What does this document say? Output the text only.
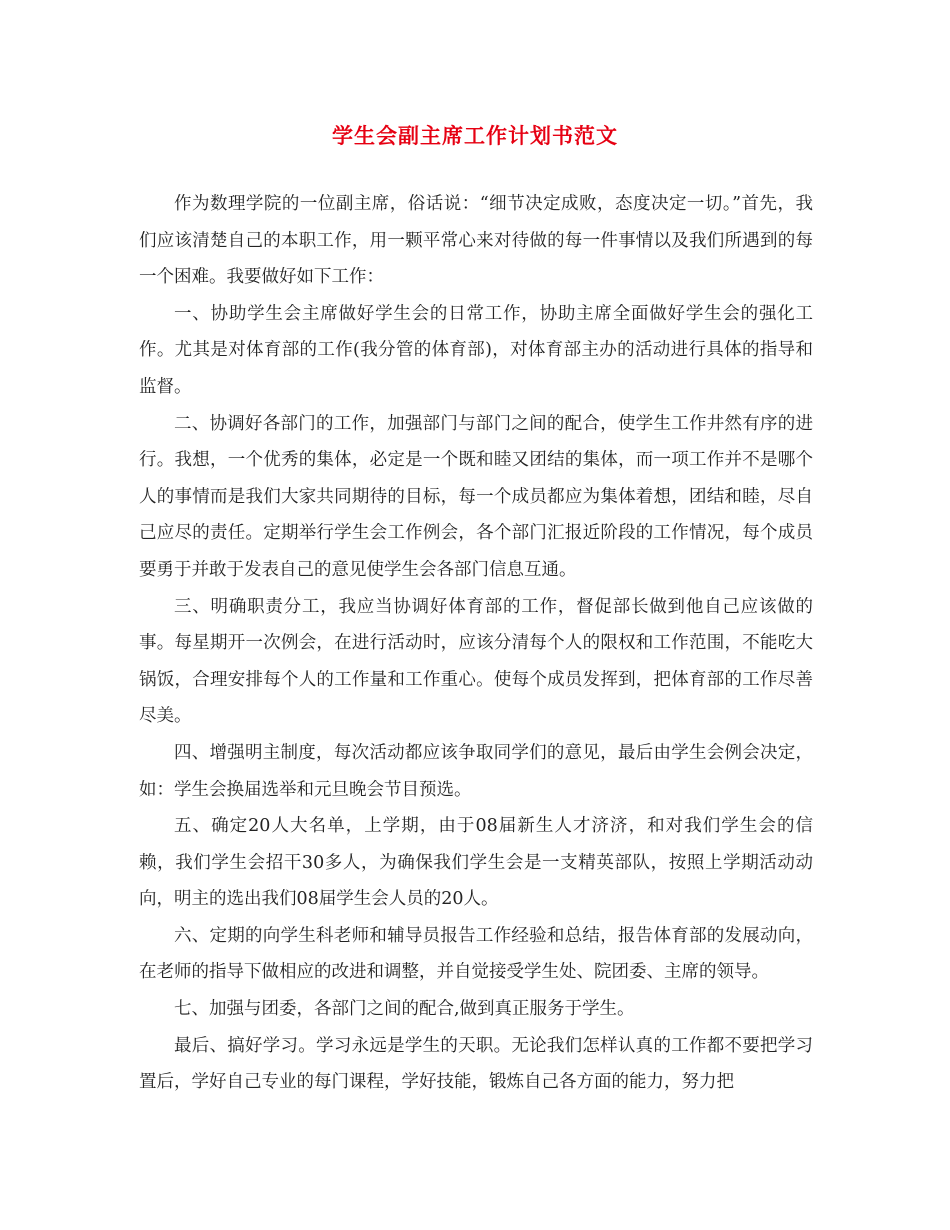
学生会副主席工作计划书范文

作为数理学院的一位副主席，俗话说：“细节决定成败，态度决定一切。”首先，我们应该清楚自己的本职工作，用一颗平常心来对待做的每一件事情以及我们所遇到的每一个困难。我要做好如下工作：

一、协助学生会主席做好学生会的日常工作，协助主席全面做好学生会的强化工作。尤其是对体育部的工作(我分管的体育部)，对体育部主办的活动进行具体的指导和监督。

二、协调好各部门的工作，加强部门与部门之间的配合，使学生工作井然有序的进行。我想，一个优秀的集体，必定是一个既和睦又团结的集体，而一项工作并不是哪个人的事情而是我们大家共同期待的目标，每一个成员都应为集体着想，团结和睦，尽自己应尽的责任。定期举行学生会工作例会，各个部门汇报近阶段的工作情况，每个成员要勇于并敢于发表自己的意见使学生会各部门信息互通。

三、明确职责分工，我应当协调好体育部的工作，督促部长做到他自己应该做的事。每星期开一次例会，在进行活动时，应该分清每个人的限权和工作范围，不能吃大锅饭，合理安排每个人的工作量和工作重心。使每个成员发挥到，把体育部的工作尽善尽美。

四、增强明主制度，每次活动都应该争取同学们的意见，最后由学生会例会决定，如：学生会换届选举和元旦晚会节目预选。

五、确定20人大名单，上学期，由于08届新生人才济济，和对我们学生会的信赖，我们学生会招干30多人，为确保我们学生会是一支精英部队，按照上学期活动动向，明主的选出我们08届学生会人员的20人。

六、定期的向学生科老师和辅导员报告工作经验和总结，报告体育部的发展动向，在老师的指导下做相应的改进和调整，并自觉接受学生处、院团委、主席的领导。

七、加强与团委，各部门之间的配合,做到真正服务于学生。

最后、搞好学习。学习永远是学生的天职。无论我们怎样认真的工作都不要把学习置后，学好自己专业的每门课程，学好技能，锻炼自己各方面的能力，努力把
